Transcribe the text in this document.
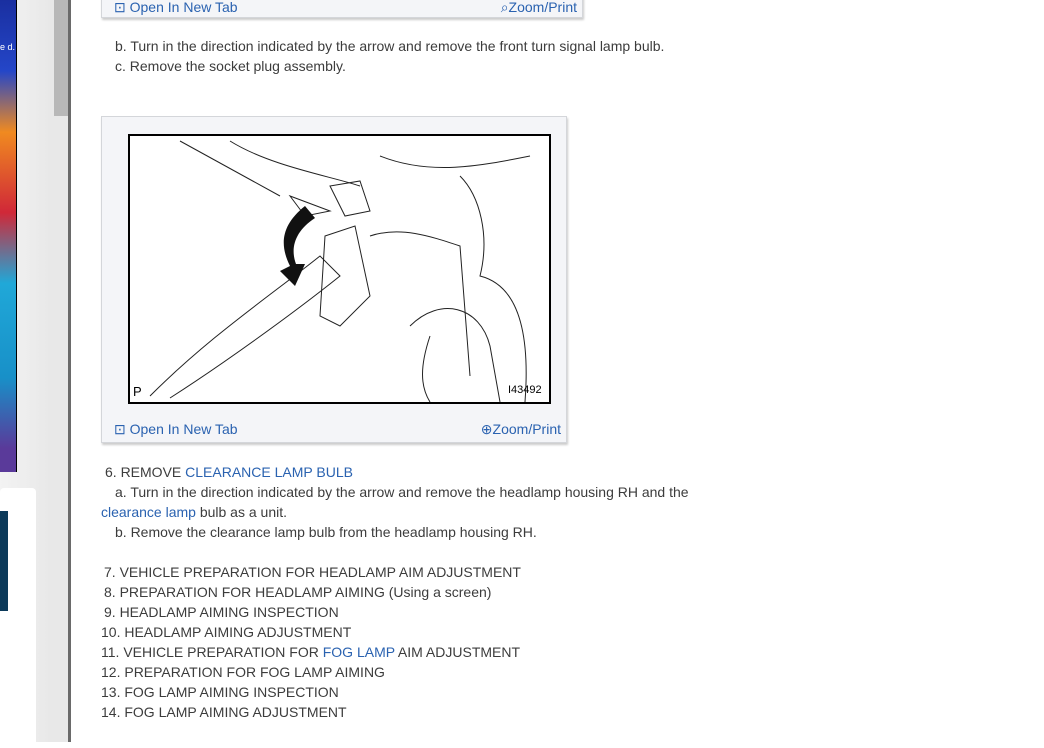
e d.
⊡ Open In New Tab	⌕Zoom/Print
b. Turn in the direction indicated by the arrow and remove the front turn signal lamp bulb.
c. Remove the socket plug assembly.
P	I43492
⊡ Open In New Tab	⊕Zoom/Print
6. REMOVE CLEARANCE LAMP BULB
a. Turn in the direction indicated by the arrow and remove the headlamp housing RH and the
clearance lamp bulb as a unit.
b. Remove the clearance lamp bulb from the headlamp housing RH.
7. VEHICLE PREPARATION FOR HEADLAMP AIM ADJUSTMENT
8. PREPARATION FOR HEADLAMP AIMING (Using a screen)
9. HEADLAMP AIMING INSPECTION
10. HEADLAMP AIMING ADJUSTMENT
11. VEHICLE PREPARATION FOR FOG LAMP AIM ADJUSTMENT
12. PREPARATION FOR FOG LAMP AIMING
13. FOG LAMP AIMING INSPECTION
14. FOG LAMP AIMING ADJUSTMENT
